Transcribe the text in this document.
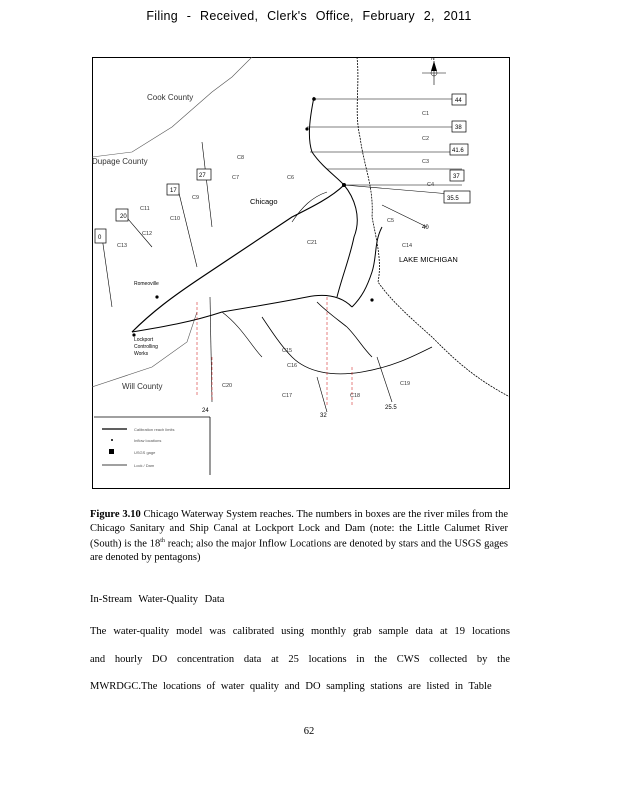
Filing - Received, Clerk's Office, February 2, 2011
44
38
41.6
37
35.5
40
17
0
27
25.5
32
24
20
C1
C2
C3
C4
C5
C6
C7
C8
C9
C10
C11
C12
C13	C14
C15
C16
C17	C18
C19
C20
C21
Cook County
Dupage County
Will County
Chicago
LAKE MICHIGAN
Romeoville
Lockport
Controlling
Works
N
Calibration reach limits
Inflow locations
USGS gage
Lock / Dam
Figure 3.10 Chicago Waterway System reaches. The numbers in boxes are the river miles from the Chicago Sanitary and Ship Canal at Lockport Lock and Dam (note: the Little Calumet River (South) is the 18th reach; also the major Inflow Locations are denoted by stars and the USGS gages are denoted by pentagons)
In-Stream Water-Quality Data
The water-quality model was calibrated using monthly grab sample data at 19 locations and hourly DO concentration data at 25 locations in the CWS collected by the MWRDGC.The locations of water quality and DO sampling stations are listed in Table
62
